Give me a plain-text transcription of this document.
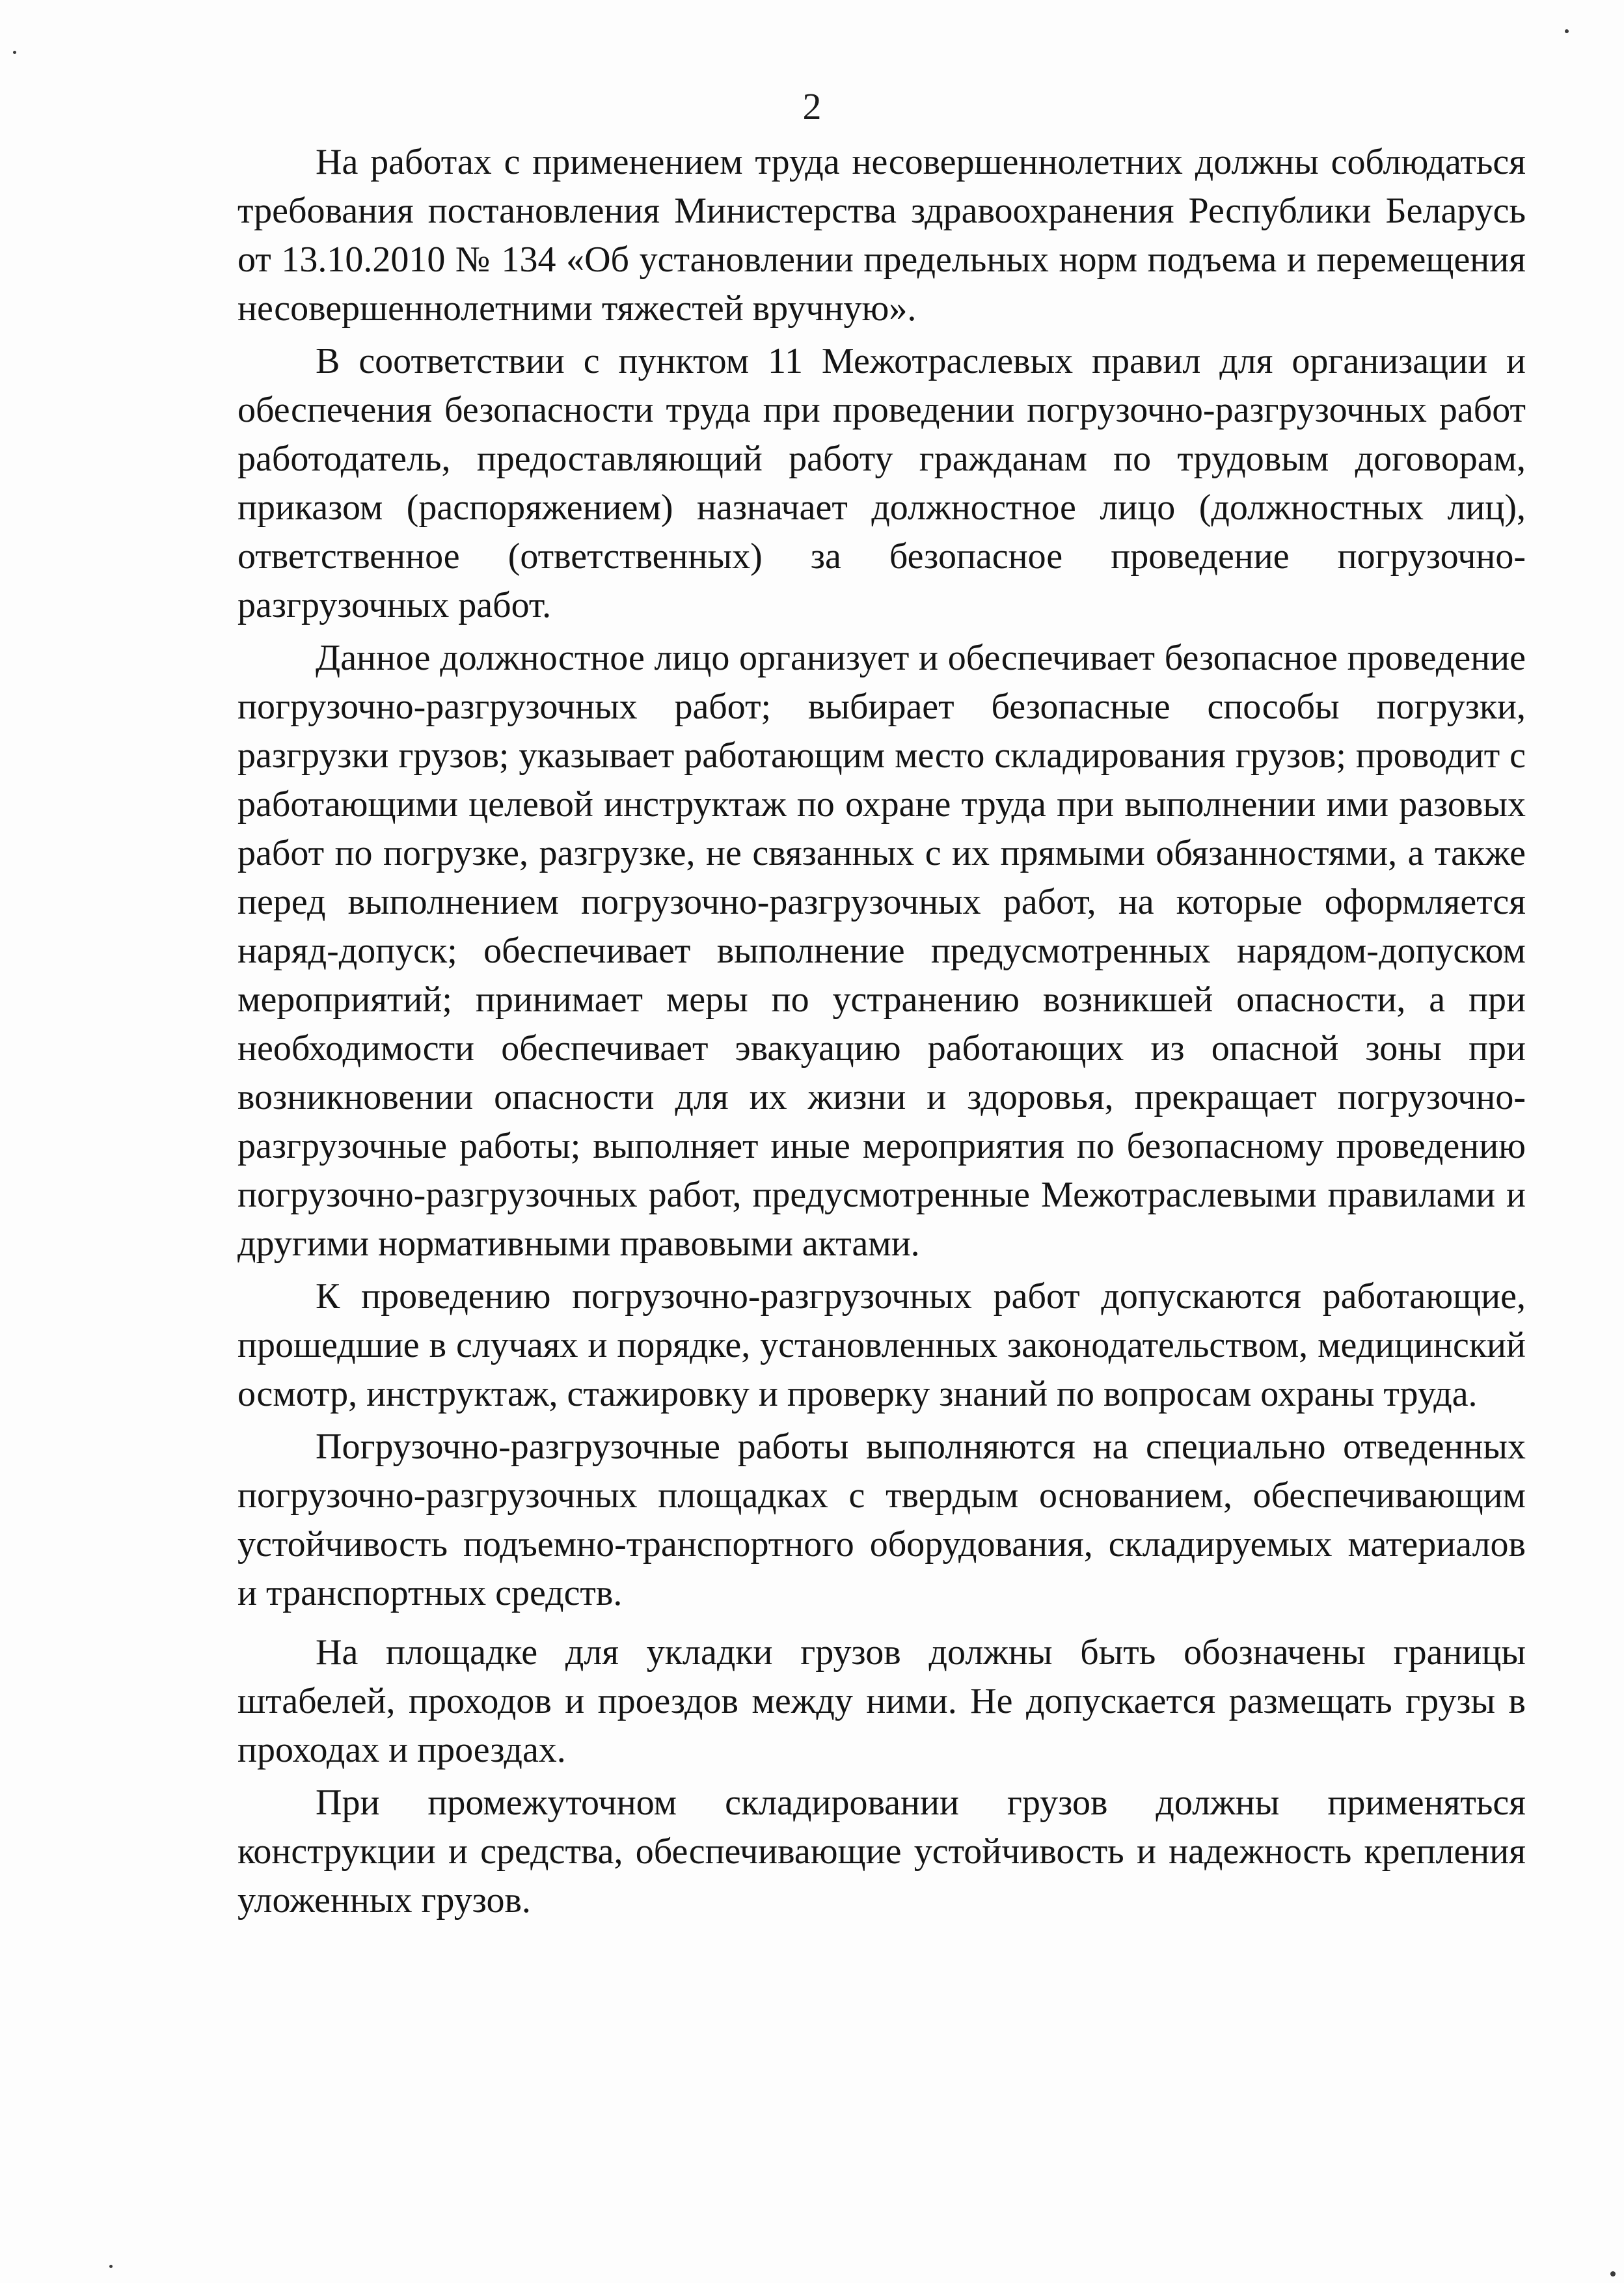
2

На работах с применением труда несовершеннолетних должны соблюдаться требования постановления Министерства здравоохранения Республики Беларусь от 13.10.2010 № 134 «Об установлении предельных норм подъема и перемещения несовершеннолетними тяжестей вручную».

В соответствии с пунктом 11 Межотраслевых правил для организации и обеспечения безопасности труда при проведении погрузочно-разгрузочных работ работодатель, предоставляющий работу гражданам по трудовым договорам, приказом (распоряжением) назначает должностное лицо (должностных лиц), ответственное (ответственных) за безопасное проведение погрузочно-разгрузочных работ.

Данное должностное лицо организует и обеспечивает безопасное проведение погрузочно-разгрузочных работ; выбирает безопасные способы погрузки, разгрузки грузов; указывает работающим место складирования грузов; проводит с работающими целевой инструктаж по охране труда при выполнении ими разовых работ по погрузке, разгрузке, не связанных с их прямыми обязанностями, а также перед выполнением погрузочно-разгрузочных работ, на которые оформляется наряд-допуск; обеспечивает выполнение предусмотренных нарядом-допуском мероприятий; принимает меры по устранению возникшей опасности, а при необходимости обеспечивает эвакуацию работающих из опасной зоны при возникновении опасности для их жизни и здоровья, прекращает погрузочно-разгрузочные работы; выполняет иные мероприятия по безопасному проведению погрузочно-разгрузочных работ, предусмотренные Межотраслевыми правилами и другими нормативными правовыми актами.

К проведению погрузочно-разгрузочных работ допускаются работающие, прошедшие в случаях и порядке, установленных законодательством, медицинский осмотр, инструктаж, стажировку и проверку знаний по вопросам охраны труда.

Погрузочно-разгрузочные работы выполняются на специально отведенных погрузочно-разгрузочных площадках с твердым основанием, обеспечивающим устойчивость подъемно-транспортного оборудования, складируемых материалов и транспортных средств.

На площадке для укладки грузов должны быть обозначены границы штабелей, проходов и проездов между ними. Не допускается размещать грузы в проходах и проездах.

При промежуточном складировании грузов должны применяться конструкции и средства, обеспечивающие устойчивость и надежность крепления уложенных грузов.
